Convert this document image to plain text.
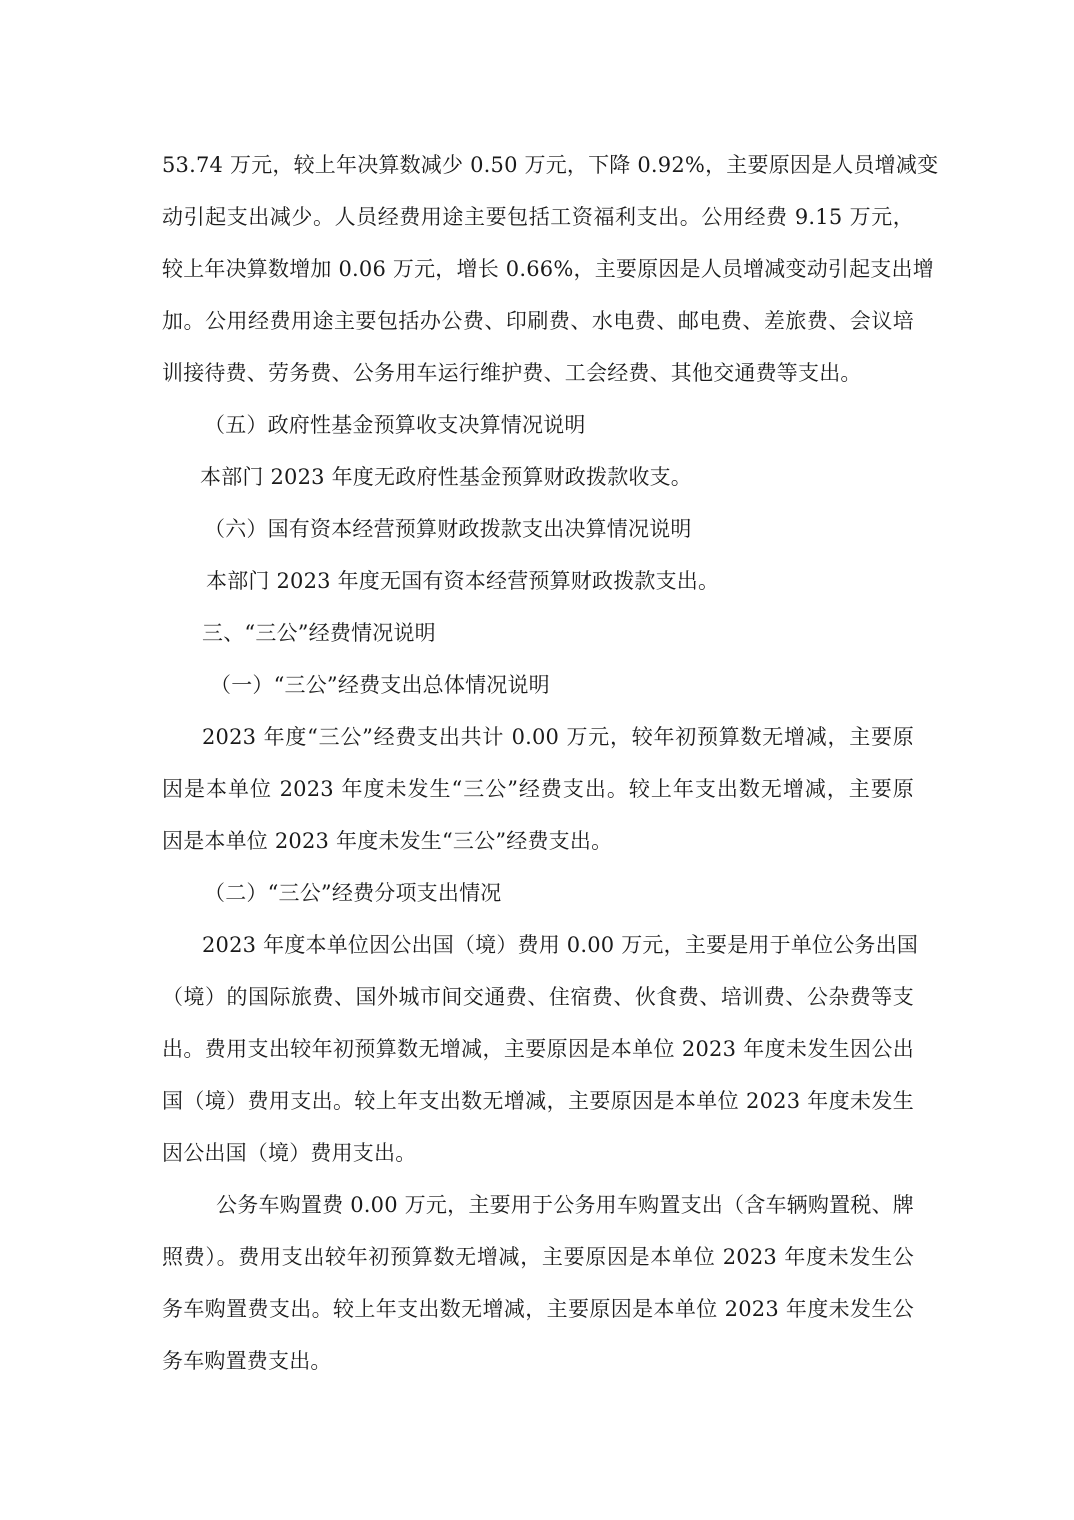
53.74 万元，较上年决算数减少 0.50 万元，下降 0.92%，主要原因是人员增减变
动引起支出减少。人员经费用途主要包括工资福利支出。公用经费 9.15 万元，
较上年决算数增加 0.06 万元，增长 0.66%，主要原因是人员增减变动引起支出增
加。公用经费用途主要包括办公费、印刷费、水电费、邮电费、差旅费、会议培
训接待费、劳务费、公务用车运行维护费、工会经费、其他交通费等支出。
（五）政府性基金预算收支决算情况说明
本部门 2023 年度无政府性基金预算财政拨款收支。
（六）国有资本经营预算财政拨款支出决算情况说明
本部门 2023 年度无国有资本经营预算财政拨款支出。
三、“三公”经费情况说明
（一）“三公”经费支出总体情况说明
2023 年度“三公”经费支出共计 0.00 万元，较年初预算数无增减，主要原
因是本单位 2023 年度未发生“三公”经费支出。较上年支出数无增减，主要原
因是本单位 2023 年度未发生“三公”经费支出。
（二）“三公”经费分项支出情况
2023 年度本单位因公出国（境）费用 0.00 万元，主要是用于单位公务出国
（境）的国际旅费、国外城市间交通费、住宿费、伙食费、培训费、公杂费等支
出。费用支出较年初预算数无增减，主要原因是本单位 2023 年度未发生因公出
国（境）费用支出。较上年支出数无增减，主要原因是本单位 2023 年度未发生
因公出国（境）费用支出。
公务车购置费 0.00 万元，主要用于公务用车购置支出（含车辆购置税、牌
照费）。费用支出较年初预算数无增减，主要原因是本单位 2023 年度未发生公
务车购置费支出。较上年支出数无增减，主要原因是本单位 2023 年度未发生公
务车购置费支出。
